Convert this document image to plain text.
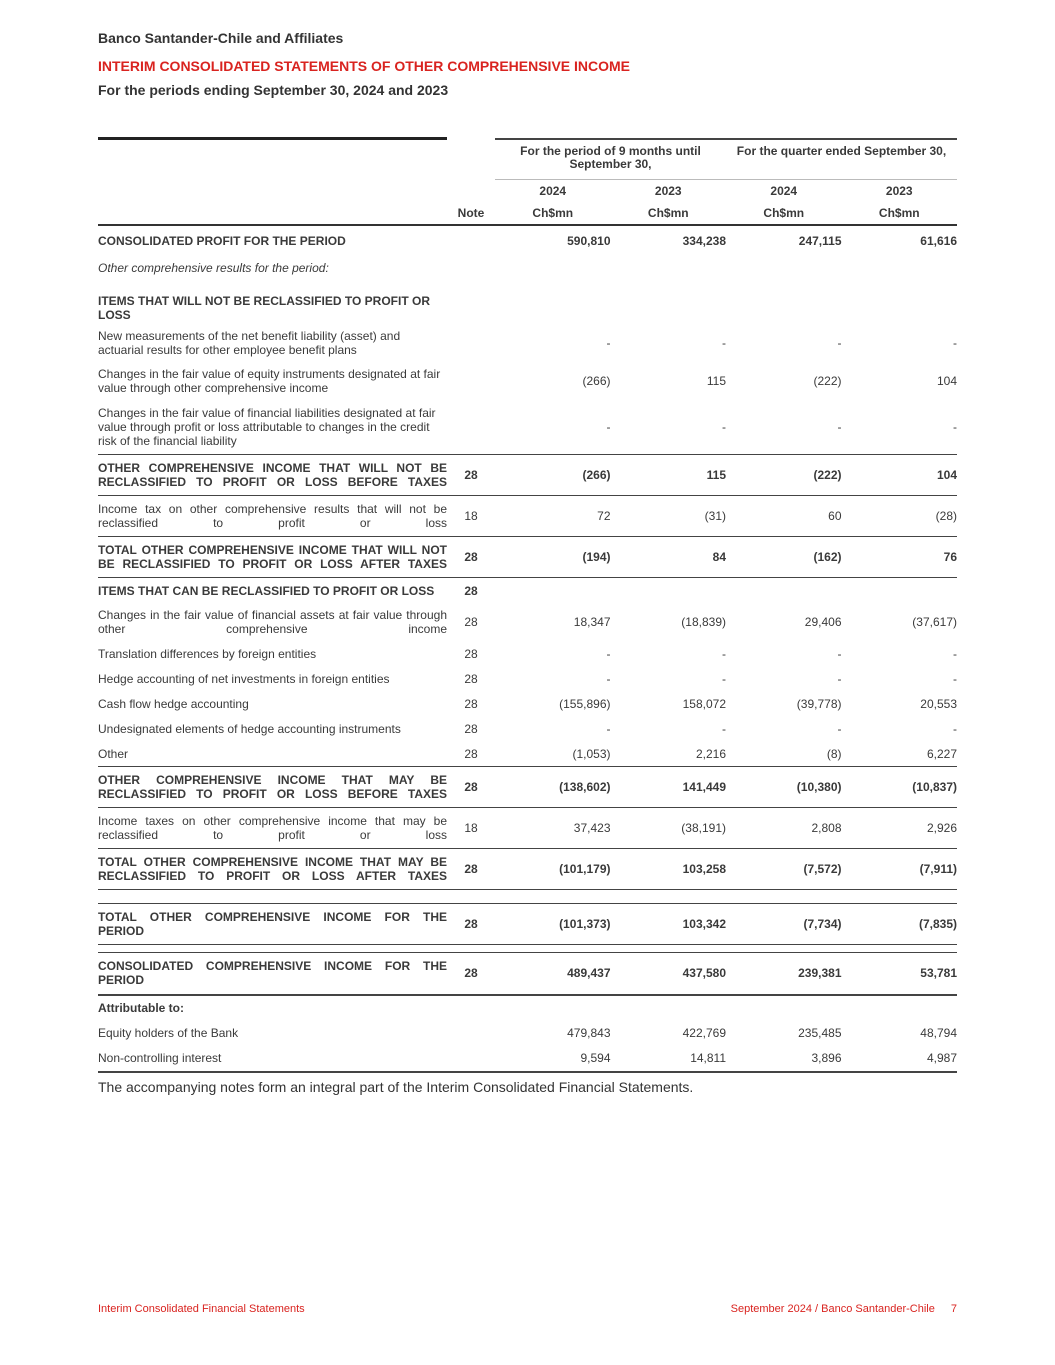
Banco Santander-Chile and Affiliates
INTERIM CONSOLIDATED STATEMENTS OF OTHER COMPREHENSIVE INCOME
For the periods ending September 30, 2024 and 2023

		For the period of 9 months until September 30,		For the quarter ended September 30,	
		2024	2023	2024	2023
	Note	Ch$mn	Ch$mn	Ch$mn	Ch$mn
CONSOLIDATED PROFIT FOR THE PERIOD		590,810	334,238	247,115	61,616
Other comprehensive results for the period:					
ITEMS THAT WILL NOT BE RECLASSIFIED TO PROFIT OR LOSS					
New measurements of the net benefit liability (asset) and actuarial results for other employee benefit plans		-	-	-	-
Changes in the fair value of equity instruments designated at fair value through other comprehensive income		(266)	115	(222)	104
Changes in the fair value of financial liabilities designated at fair value through profit or loss attributable to changes in the credit risk of the financial liability		-	-	-	-
OTHER COMPREHENSIVE INCOME THAT WILL NOT BE RECLASSIFIED TO PROFIT OR LOSS BEFORE TAXES	28	(266)	115	(222)	104
Income tax on other comprehensive results that will not be reclassified to profit or loss	18	72	(31)	60	(28)
TOTAL OTHER COMPREHENSIVE INCOME THAT WILL NOT BE RECLASSIFIED TO PROFIT OR LOSS AFTER TAXES	28	(194)	84	(162)	76
ITEMS THAT CAN BE RECLASSIFIED TO PROFIT OR LOSS	28				
Changes in the fair value of financial assets at fair value through other comprehensive income	28	18,347	(18,839)	29,406	(37,617)
Translation differences by foreign entities	28	-	-	-	-
Hedge accounting of net investments in foreign entities	28	-	-	-	-
Cash flow hedge accounting	28	(155,896)	158,072	(39,778)	20,553
Undesignated elements of hedge accounting instruments	28	-	-	-	-
Other	28	(1,053)	2,216	(8)	6,227
OTHER COMPREHENSIVE INCOME THAT MAY BE RECLASSIFIED TO PROFIT OR LOSS BEFORE TAXES	28	(138,602)	141,449	(10,380)	(10,837)
Income taxes on other comprehensive income that may be reclassified to profit or loss	18	37,423	(38,191)	2,808	2,926
TOTAL OTHER COMPREHENSIVE INCOME THAT MAY BE RECLASSIFIED TO PROFIT OR LOSS AFTER TAXES	28	(101,179)	103,258	(7,572)	(7,911)

TOTAL OTHER COMPREHENSIVE INCOME FOR THE PERIOD	28	(101,373)	103,342	(7,734)	(7,835)

CONSOLIDATED COMPREHENSIVE INCOME FOR THE PERIOD	28	489,437	437,580	239,381	53,781
Attributable to:					
Equity holders of the Bank		479,843	422,769	235,485	48,794
Non-controlling interest		9,594	14,811	3,896	4,987
The accompanying notes form an integral part of the Interim Consolidated Financial Statements.
Interim Consolidated Financial Statements	September 2024 / Banco Santander-Chile 7
